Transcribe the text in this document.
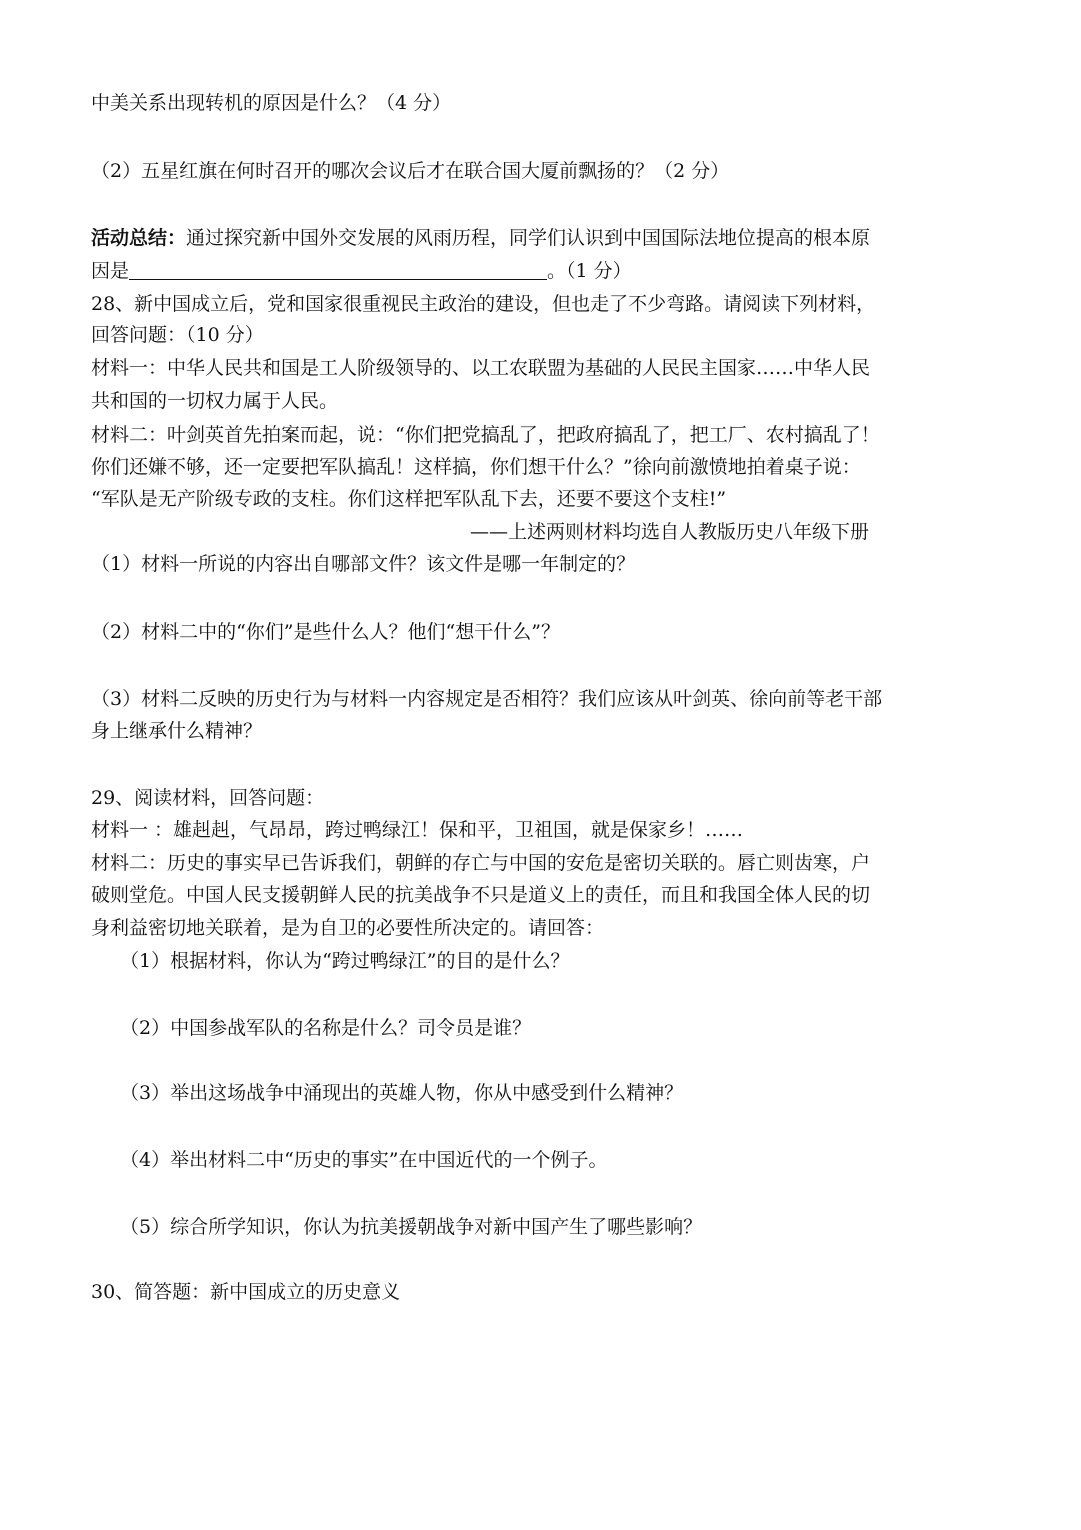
中美关系出现转机的原因是什么？（4 分）
（2）五星红旗在何时召开的哪次会议后才在联合国大厦前飘扬的？（2 分）
活动总结：通过探究新中国外交发展的风雨历程，同学们认识到中国国际法地位提高的根本原
因是	。（1 分）
28、新中国成立后，党和国家很重视民主政治的建设，但也走了不少弯路。请阅读下列材料，
回答问题：（10 分）
材料一：中华人民共和国是工人阶级领导的、以工农联盟为基础的人民民主国家……中华人民
共和国的一切权力属于人民。
材料二：叶剑英首先拍案而起，说：“你们把党搞乱了，把政府搞乱了，把工厂、农村搞乱了！
你们还嫌不够，还一定要把军队搞乱！这样搞，你们想干什么？”徐向前激愤地拍着桌子说：
“军队是无产阶级专政的支柱。你们这样把军队乱下去，还要不要这个支柱!”
——上述两则材料均选自人教版历史八年级下册
（1）材料一所说的内容出自哪部文件？该文件是哪一年制定的？
（2）材料二中的“你们”是些什么人？他们“想干什么”？
（3）材料二反映的历史行为与材料一内容规定是否相符？我们应该从叶剑英、徐向前等老干部
身上继承什么精神？
29、阅读材料，回答问题：
材料一 ：雄赳赳，气昂昂，跨过鸭绿江！保和平，卫祖国，就是保家乡！……
材料二：历史的事实早已告诉我们，朝鲜的存亡与中国的安危是密切关联的。唇亡则齿寒，户
破则堂危。中国人民支援朝鲜人民的抗美战争不只是道义上的责任，而且和我国全体人民的切
身利益密切地关联着，是为自卫的必要性所决定的。请回答：
（1）根据材料，你认为“跨过鸭绿江”的目的是什么？
（2）中国参战军队的名称是什么？司令员是谁？
（3）举出这场战争中涌现出的英雄人物，你从中感受到什么精神？
（4）举出材料二中“历史的事实”在中国近代的一个例子。
（5）综合所学知识，你认为抗美援朝战争对新中国产生了哪些影响？
30、简答题：新中国成立的历史意义
